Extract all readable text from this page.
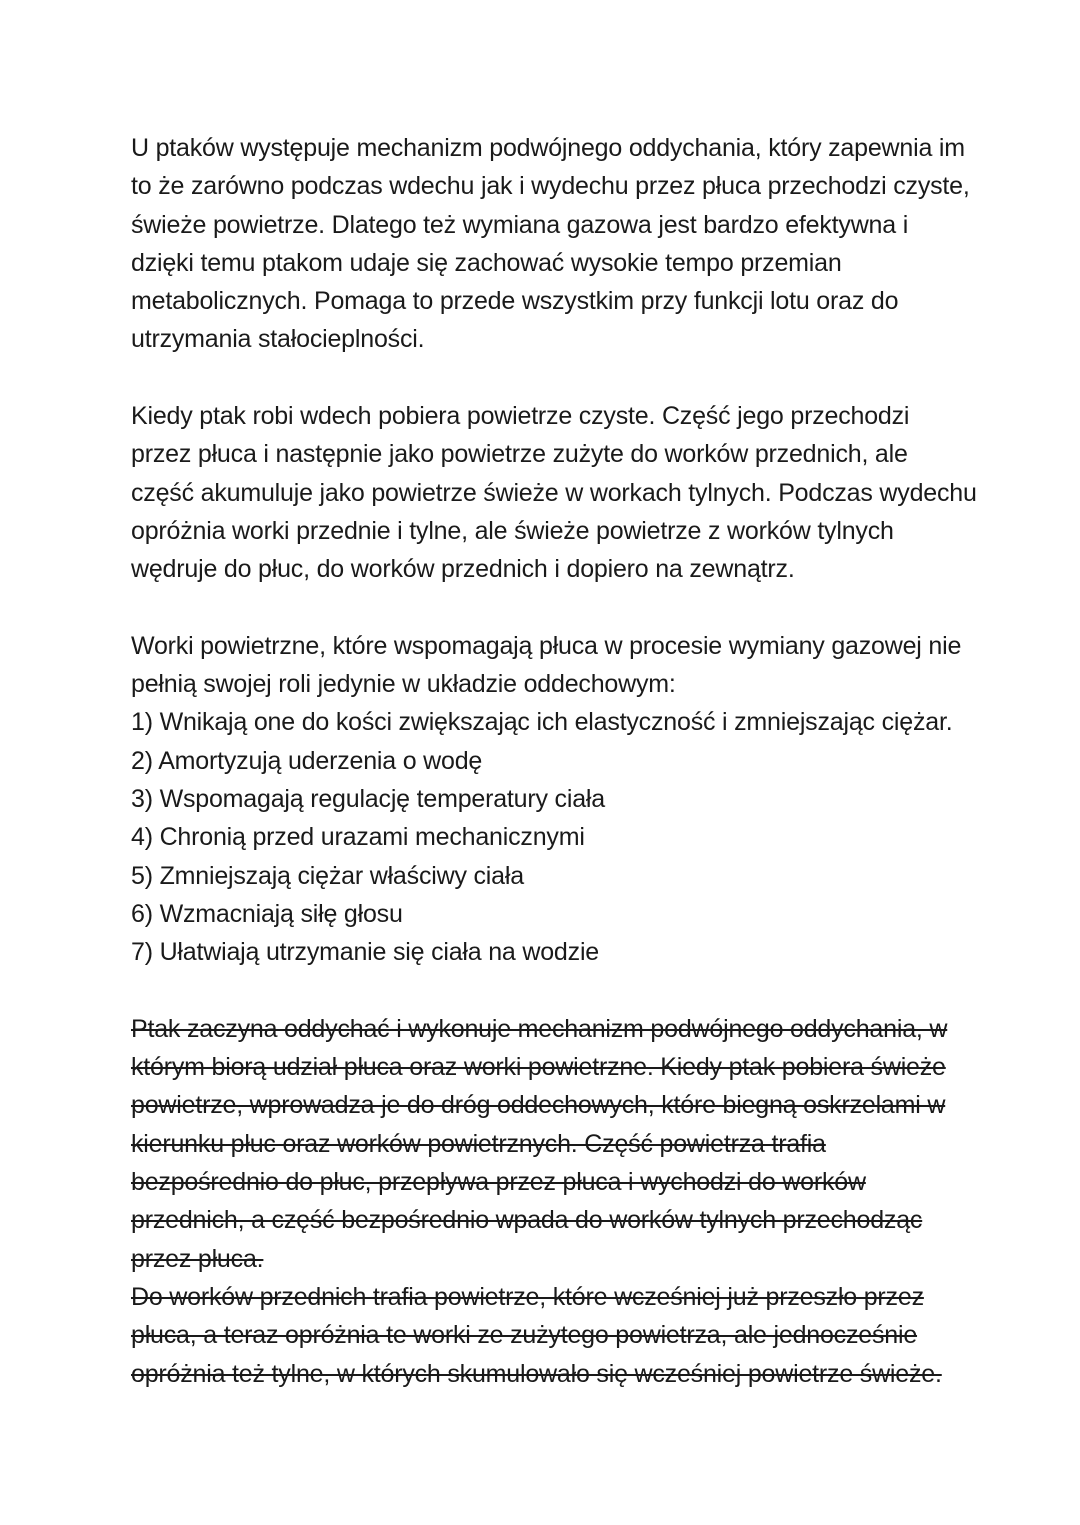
U ptaków występuje mechanizm podwójnego oddychania, który zapewnia im
to że zarówno podczas wdechu jak i wydechu przez płuca przechodzi czyste,
świeże powietrze. Dlatego też wymiana gazowa jest bardzo efektywna i
dzięki temu ptakom udaje się zachować wysokie tempo przemian
metabolicznych. Pomaga to przede wszystkim przy funkcji lotu oraz do
utrzymania stałocieplności.
Kiedy ptak robi wdech pobiera powietrze czyste. Część jego przechodzi
przez płuca i następnie jako powietrze zużyte do worków przednich, ale
część akumuluje jako powietrze świeże w workach tylnych. Podczas wydechu
opróżnia worki przednie i tylne, ale świeże powietrze z worków tylnych
wędruje do płuc, do worków przednich i dopiero na zewnątrz.
Worki powietrzne, które wspomagają płuca w procesie wymiany gazowej nie
pełnią swojej roli jedynie w układzie oddechowym:
1) Wnikają one do kości zwiększając ich elastyczność i zmniejszając ciężar.
2) Amortyzują uderzenia o wodę
3) Wspomagają regulację temperatury ciała
4) Chronią przed urazami mechanicznymi
5) Zmniejszają ciężar właściwy ciała
6) Wzmacniają siłę głosu
7) Ułatwiają utrzymanie się ciała na wodzie
Ptak zaczyna oddychać i wykonuje mechanizm podwójnego oddychania, w
którym biorą udział płuca oraz worki powietrzne. Kiedy ptak pobiera świeże
powietrze, wprowadza je do dróg oddechowych, które biegną oskrzelami w
kierunku płuc oraz worków powietrznych. Część powietrza trafia
bezpośrednio do płuc, przepływa przez płuca i wychodzi do worków
przednich, a część bezpośrednio wpada do worków tylnych przechodząc
przez płuca.
Do worków przednich trafia powietrze, które wcześniej już przeszło przez
płuca, a teraz opróżnia te worki ze zużytego powietrza, ale jednocześnie
opróżnia też tylne, w których skumulowało się wcześniej powietrze świeże.
